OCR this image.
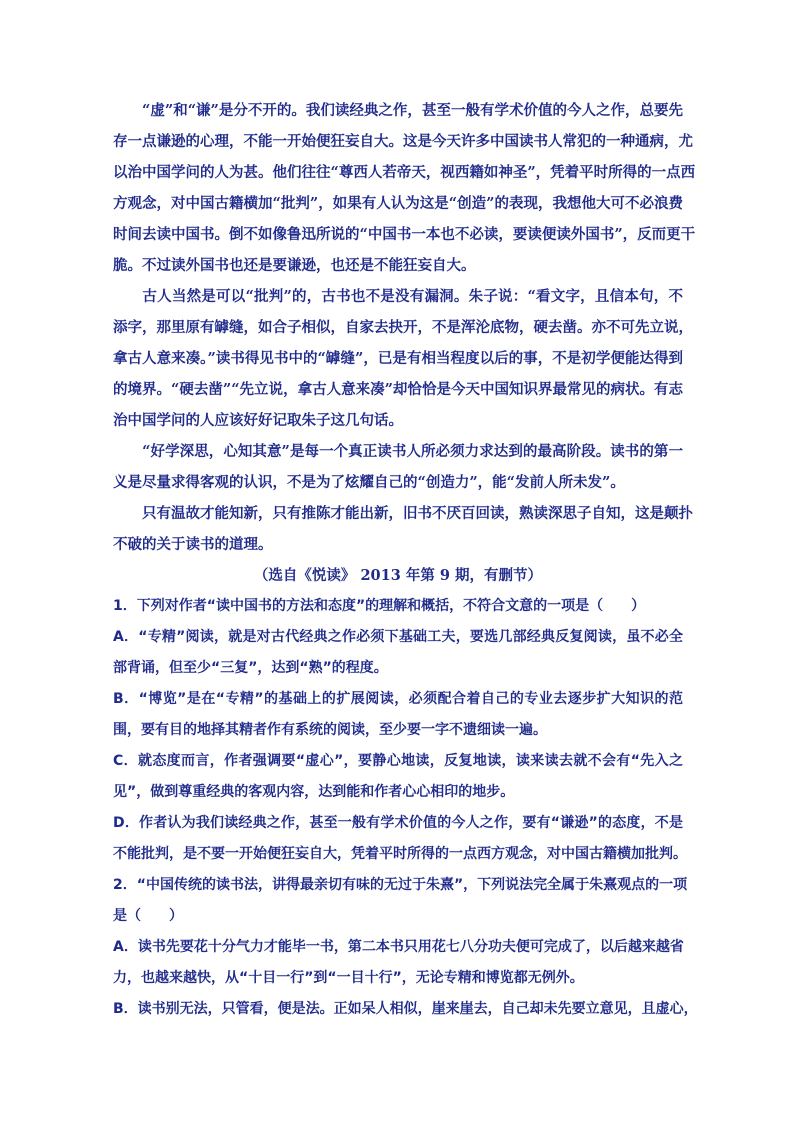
　　“虚”和“谦”是分不开的。我们读经典之作，甚至一般有学术价值的今人之作，总要先
存一点谦逊的心理，不能一开始便狂妄自大。这是今天许多中国读书人常犯的一种通病，尤
以治中国学问的人为甚。他们往往“尊西人若帝天，视西籍如神圣”，凭着平时所得的一点西
方观念，对中国古籍横加“批判”，如果有人认为这是“创造”的表现，我想他大可不必浪费
时间去读中国书。倒不如像鲁迅所说的“中国书一本也不必读，要读便读外国书”，反而更干
脆。不过读外国书也还是要谦逊，也还是不能狂妄自大。
　　古人当然是可以“批判”的，古书也不是没有漏洞。朱子说：“看文字，且信本句，不
添字，那里原有罅缝，如合子相似，自家去抉开，不是浑沦底物，硬去凿。亦不可先立说，
拿古人意来凑。”读书得见书中的“罅缝”，已是有相当程度以后的事，不是初学便能达得到
的境界。“硬去凿”“先立说，拿古人意来凑”却恰恰是今天中国知识界最常见的病状。有志
治中国学问的人应该好好记取朱子这几句话。
　　“好学深思，心知其意”是每一个真正读书人所必须力求达到的最高阶段。读书的第一
义是尽量求得客观的认识，不是为了炫耀自己的“创造力”，能“发前人所未发”。
　　只有温故才能知新，只有推陈才能出新，旧书不厌百回读，熟读深思子自知，这是颠扑
不破的关于读书的道理。
（选自《悦读》 2013 年第 9 期，有删节）
1．下列对作者“读中国书的方法和态度”的理解和概括，不符合文意的一项是（　　）
A．“专精”阅读，就是对古代经典之作必须下基础工夫，要选几部经典反复阅读，虽不必全
部背诵，但至少“三复”，达到“熟”的程度。
B．“博览”是在“专精”的基础上的扩展阅读，必须配合着自己的专业去逐步扩大知识的范
围，要有目的地择其精者作有系统的阅读，至少要一字不遗细读一遍。
C．就态度而言，作者强调要“虚心”，要静心地读，反复地读，读来读去就不会有“先入之
见”，做到尊重经典的客观内容，达到能和作者心心相印的地步。
D．作者认为我们读经典之作，甚至一般有学术价值的今人之作，要有“谦逊”的态度，不是
不能批判，是不要一开始便狂妄自大，凭着平时所得的一点西方观念，对中国古籍横加批判。
2．“中国传统的读书法，讲得最亲切有味的无过于朱熹”，下列说法完全属于朱熹观点的一项
是（　　）
A．读书先要花十分气力才能毕一书，第二本书只用花七八分功夫便可完成了，以后越来越省
力，也越来越快，从“十目一行”到“一目十行”，无论专精和博览都无例外。
B．读书别无法，只管看，便是法。正如呆人相似，崖来崖去，自己却未先要立意见，且虚心，
